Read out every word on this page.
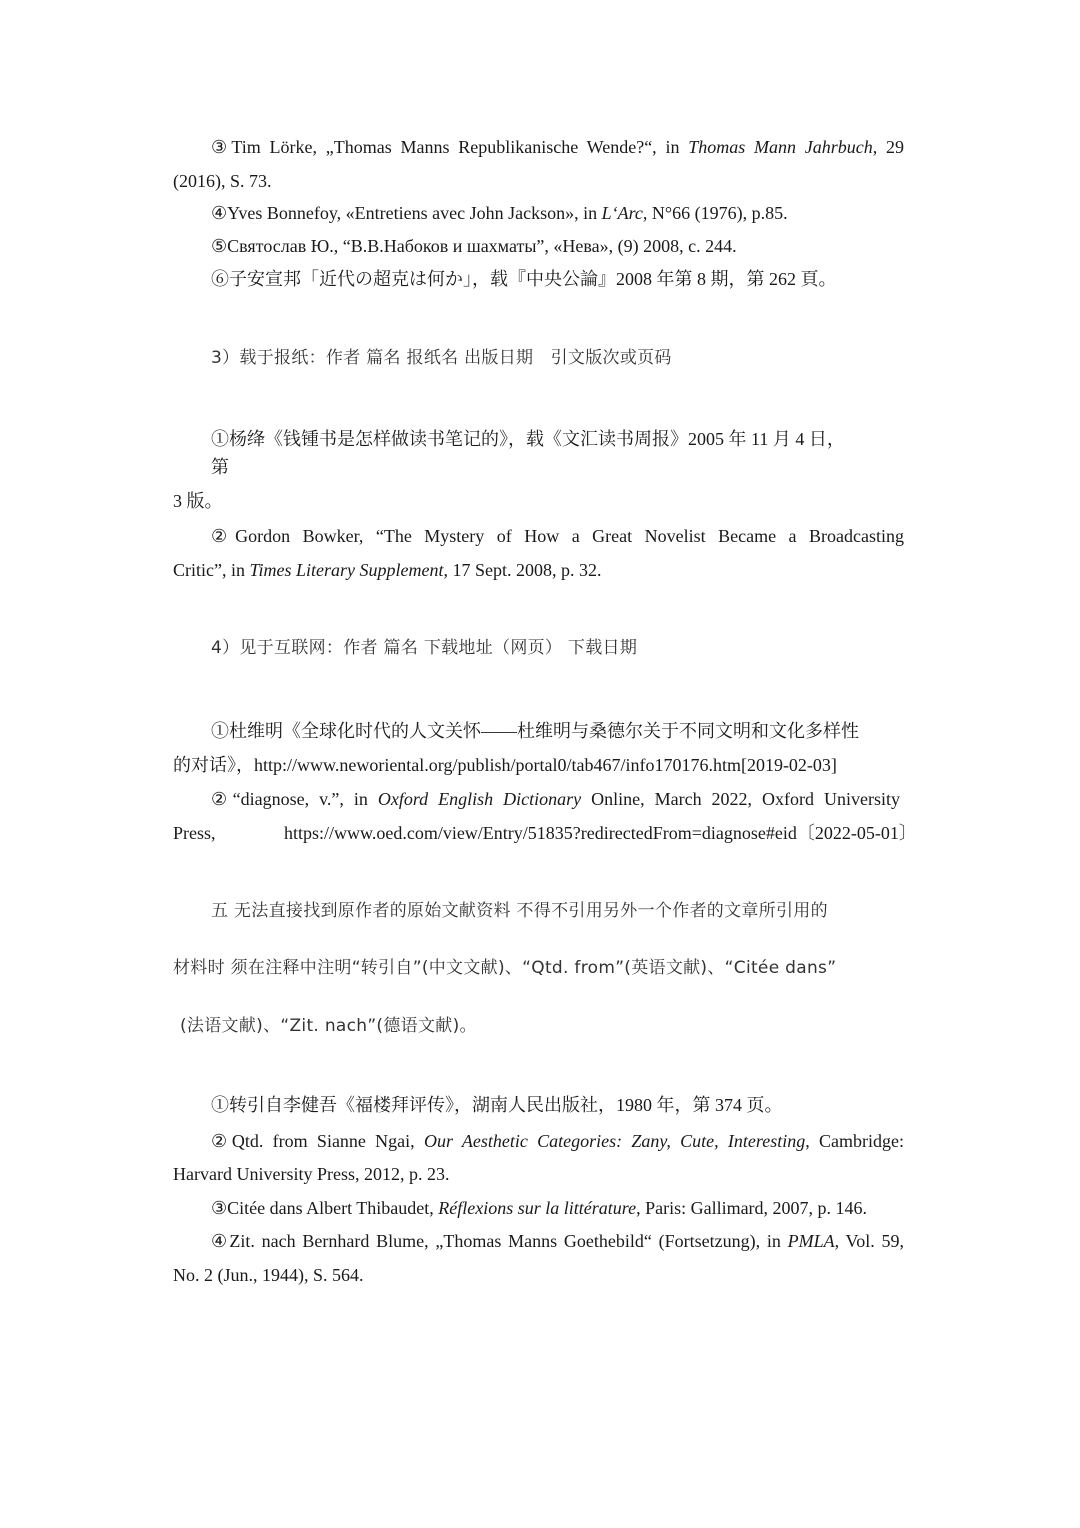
③Tim Lörke, „Thomas Manns Republikanische Wende?“, in Thomas Mann Jahrbuch, 29
(2016), S. 73.
④Yves Bonnefoy, «Entretiens avec John Jackson», in L‘Arc, N°66 (1976), p.85.
⑤Святослав Ю., “В.В.Набоков и шахматы”, «Нева», (9) 2008, с. 244.
⑥子安宣邦「近代の超克は何か」，载『中央公論』2008 年第 8 期，第 262 頁。
3）载于报纸：作者 篇名 报纸名 出版日期　引文版次或页码
①杨绛《钱锺书是怎样做读书笔记的》，载《文汇读书周报》2005 年 11 月 4 日，
第
3 版。
②Gordon Bowker, “The Mystery of How a Great Novelist Became a Broadcasting
Critic”, in Times Literary Supplement, 17 Sept. 2008, p. 32.
4）见于互联网：作者 篇名 下载地址（网页） 下载日期
①杜维明《全球化时代的人文关怀——杜维明与桑德尔关于不同文明和文化多样性
的对话》，http://www.neworiental.org/publish/portal0/tab467/info170176.htm[2019-02-03]
②“diagnose, v.”, in Oxford English Dictionary Online, March 2022, Oxford University
Press,	https://www.oed.com/view/Entry/51835?redirectedFrom=diagnose#eid〔2022-05-01〕
五 无法直接找到原作者的原始文献资料 不得不引用另外一个作者的文章所引用的
材料时 须在注释中注明“转引自”(中文文献)、“Qtd. from”(英语文献)、“Citée dans”
(法语文献)、“Zit. nach”(德语文献)。
①转引自李健吾《福楼拜评传》，湖南人民出版社，1980 年，第 374 页。
②Qtd. from Sianne Ngai, Our Aesthetic Categories: Zany, Cute, Interesting, Cambridge:
Harvard University Press, 2012, p. 23.
③Citée dans Albert Thibaudet, Réflexions sur la littérature, Paris: Gallimard, 2007, p. 146.
④Zit. nach Bernhard Blume, „Thomas Manns Goethebild“ (Fortsetzung), in PMLA, Vol. 59,
No. 2 (Jun., 1944), S. 564.
